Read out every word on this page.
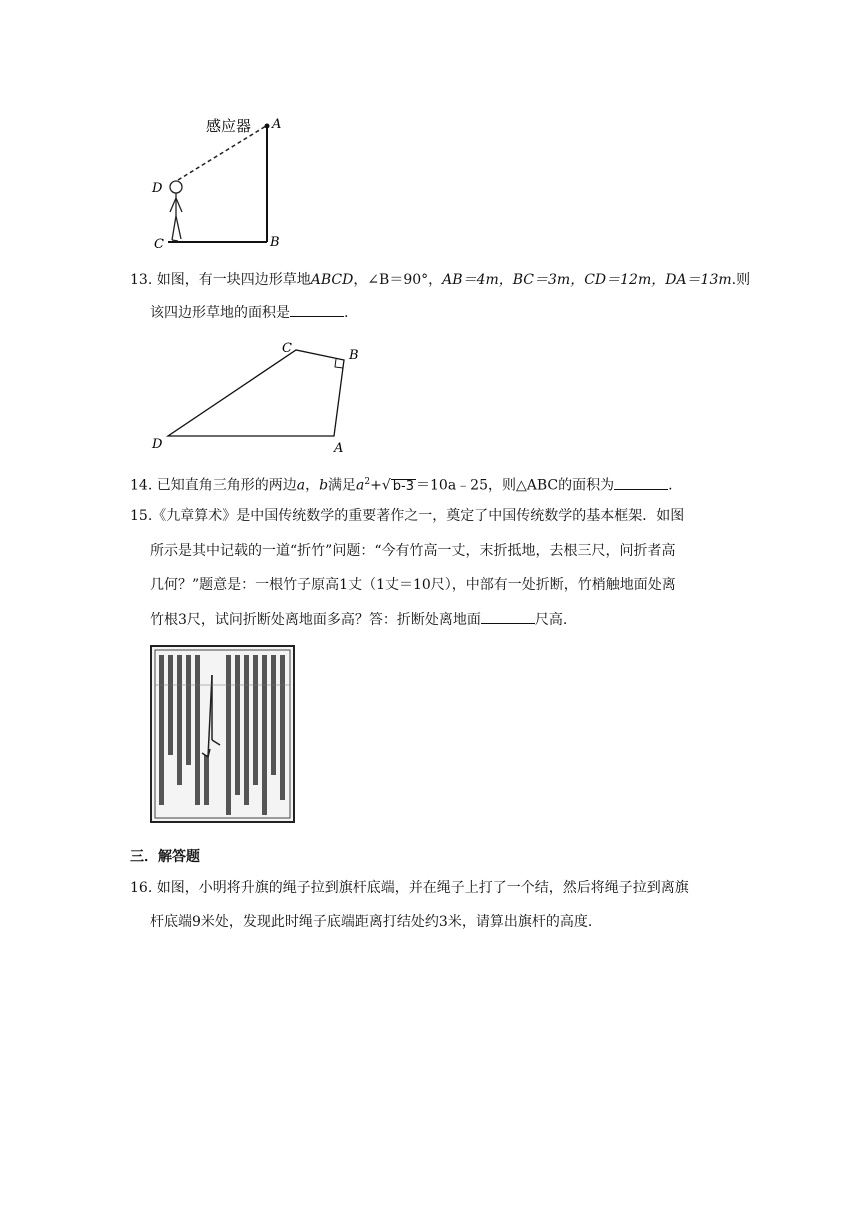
感应器 A
B
C
D
13. 如图，有一块四边形草地ABCD，∠B＝90°，AB＝4m，BC＝3m，CD＝12m，DA＝13m.则
该四边形草地的面积是	.
C	B
D	A
14. 已知直角三角形的两边a，b满足$a^2+√$ b-3 ＝10a﹣25，则△ABC的面积为	.
15.《九章算术》是中国传统数学的重要著作之一，奠定了中国传统数学的基本框架．如图
所示是其中记载的一道“折竹”问题：“今有竹高一丈，末折抵地，去根三尺，问折者高
几何？”题意是：一根竹子原高1丈（1丈＝10尺），中部有一处折断，竹梢触地面处离
竹根3尺，试问折断处离地面多高？答：折断处离地面	尺高.
三．解答题
16. 如图，小明将升旗的绳子拉到旗杆底端，并在绳子上打了一个结，然后将绳子拉到离旗
杆底端9米处，发现此时绳子底端距离打结处约3米，请算出旗杆的高度.
